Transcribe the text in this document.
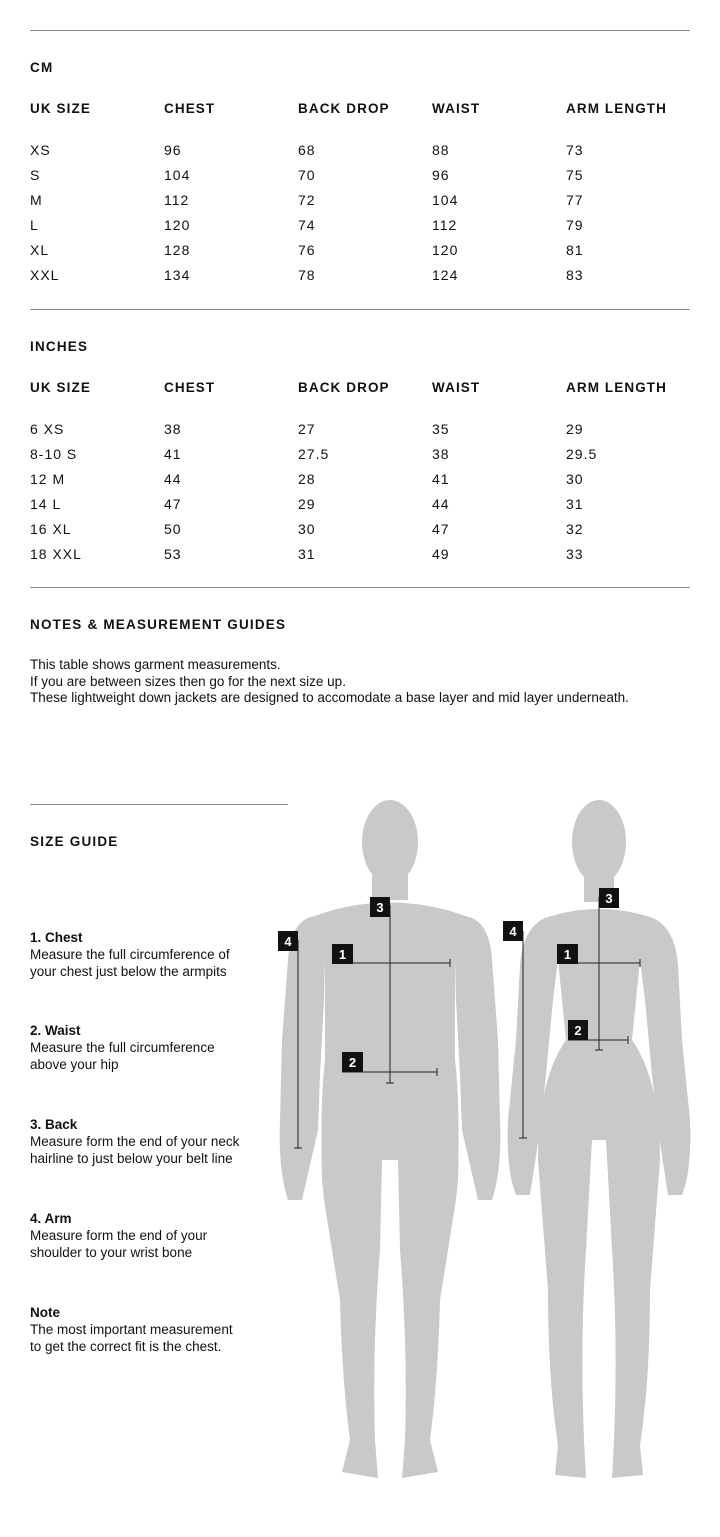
CM
UK SIZE	CHEST	BACK DROP	WAIST	ARM LENGTH
XS	96	68	88	73
S	104	70	96	75
M	112	72	104	77
L	120	74	112	79
XL	128	76	120	81
XXL	134	78	124	83
INCHES
UK SIZE	CHEST	BACK DROP	WAIST	ARM LENGTH
6 XS	38	27	35	29
8-10 S	41	27.5	38	29.5
12 M	44	28	41	30
14 L	47	29	44	31
16 XL	50	30	47	32
18 XXL	53	31	49	33
NOTES & MEASUREMENT GUIDES
This table shows garment measurements.
If you are between sizes then go for the next size up.
These lightweight down jackets are designed to accomodate a base layer and mid layer underneath.
SIZE GUIDE
1. Chest
Measure the full circumference of
your chest just below the armpits
2. Waist
Measure the full circumference
above your hip
3. Back
Measure form the end of your neck
hairline to just below your belt line
4. Arm
Measure form the end of your
shoulder to your wrist bone
Note
The most important measurement
to get the correct fit is the chest.
1
2
3
4
1
2
3
4
